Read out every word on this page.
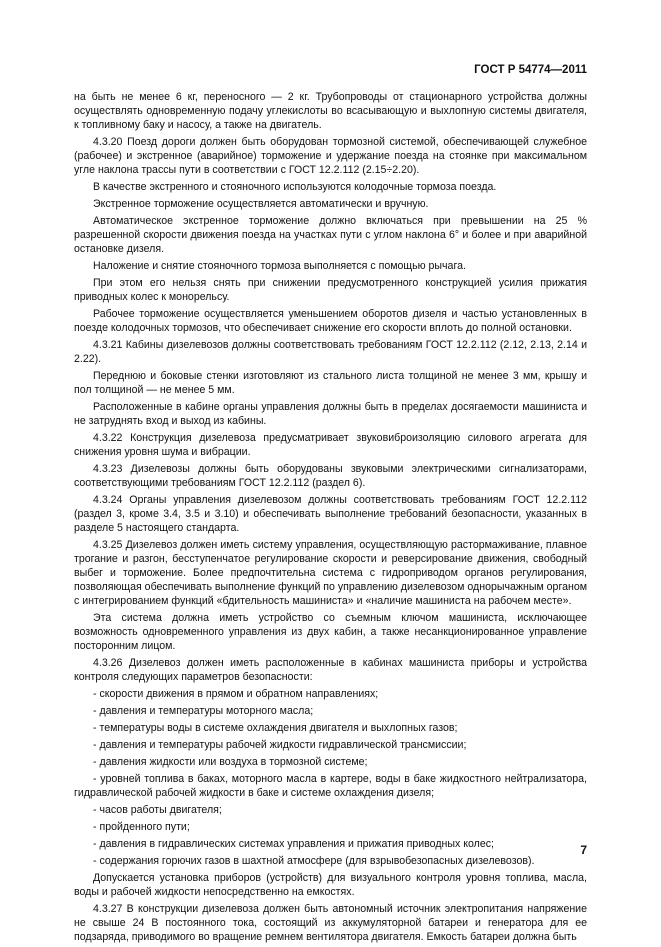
ГОСТ Р 54774—2011

на быть не менее 6 кг, переносного — 2 кг. Трубопроводы от стационарного устройства должны осуществлять одновременную подачу углекислоты во всасывающую и выхлопную системы двигателя, к топливному баку и насосу, а также на двигатель.

4.3.20 Поезд дороги должен быть оборудован тормозной системой, обеспечивающей служебное (рабочее) и экстренное (аварийное) торможение и удержание поезда на стоянке при максимальном угле наклона трассы пути в соответствии с ГОСТ 12.2.112 (2.15÷2.20).

В качестве экстренного и стояночного используются колодочные тормоза поезда.

Экстренное торможение осуществляется автоматически и вручную.

Автоматическое экстренное торможение должно включаться при превышении на 25 % разрешенной скорости движения поезда на участках пути с углом наклона 6° и более и при аварийной остановке дизеля.

Наложение и снятие стояночного тормоза выполняется с помощью рычага.

При этом его нельзя снять при снижении предусмотренного конструкцией усилия прижатия приводных колес к монорельсу.

Рабочее торможение осуществляется уменьшением оборотов дизеля и частью установленных в поезде колодочных тормозов, что обеспечивает снижение его скорости вплоть до полной остановки.

4.3.21 Кабины дизелевозов должны соответствовать требованиям ГОСТ 12.2.112 (2.12, 2.13, 2.14 и 2.22).

Переднюю и боковые стенки изготовляют из стального листа толщиной не менее 3 мм, крышу и пол толщиной — не менее 5 мм.

Расположенные в кабине органы управления должны быть в пределах досягаемости машиниста и не затруднять вход и выход из кабины.

4.3.22 Конструкция дизелевоза предусматривает звуковиброизоляцию силового агрегата для снижения уровня шума и вибрации.

4.3.23 Дизелевозы должны быть оборудованы звуковыми электрическими сигнализаторами, соответствующими требованиям ГОСТ 12.2.112 (раздел 6).

4.3.24 Органы управления дизелевозом должны соответствовать требованиям ГОСТ 12.2.112 (раздел 3, кроме 3.4, 3.5 и 3.10) и обеспечивать выполнение требований безопасности, указанных в разделе 5 настоящего стандарта.

4.3.25 Дизелевоз должен иметь систему управления, осуществляющую растормаживание, плавное трогание и разгон, бесступенчатое регулирование скорости и реверсирование движения, свободный выбег и торможение. Более предпочтительна система с гидроприводом органов регулирования, позволяющая обеспечивать выполнение функций по управлению дизелевозом однорычажным органом с интегрированием функций «бдительность машиниста» и «наличие машиниста на рабочем месте».

Эта система должна иметь устройство со съемным ключом машиниста, исключающее возможность одновременного управления из двух кабин, а также несанкционированное управление посторонним лицом.

4.3.26 Дизелевоз должен иметь расположенные в кабинах машиниста приборы и устройства контроля следующих параметров безопасности:

- скорости движения в прямом и обратном направлениях;

- давления и температуры моторного масла;

- температуры воды в системе охлаждения двигателя и выхлопных газов;

- давления и температуры рабочей жидкости гидравлической трансмиссии;

- давления жидкости или воздуха в тормозной системе;

- уровней топлива в баках, моторного масла в картере, воды в баке жидкостного нейтрализатора, гидравлической рабочей жидкости в баке и системе охлаждения дизеля;

- часов работы двигателя;

- пройденного пути;

- давления в гидравлических системах управления и прижатия приводных колес;

- содержания горючих газов в шахтной атмосфере (для взрывобезопасных дизелевозов).

Допускается установка приборов (устройств) для визуального контроля уровня топлива, масла, воды и рабочей жидкости непосредственно на емкостях.

4.3.27 В конструкции дизелевоза должен быть автономный источник электропитания напряжение не свыше 24 В постоянного тока, состоящий из аккумуляторной батареи и генератора для ее подзаряда, приводимого во вращение ремнем вентилятора двигателя. Емкость батареи должна быть

7
